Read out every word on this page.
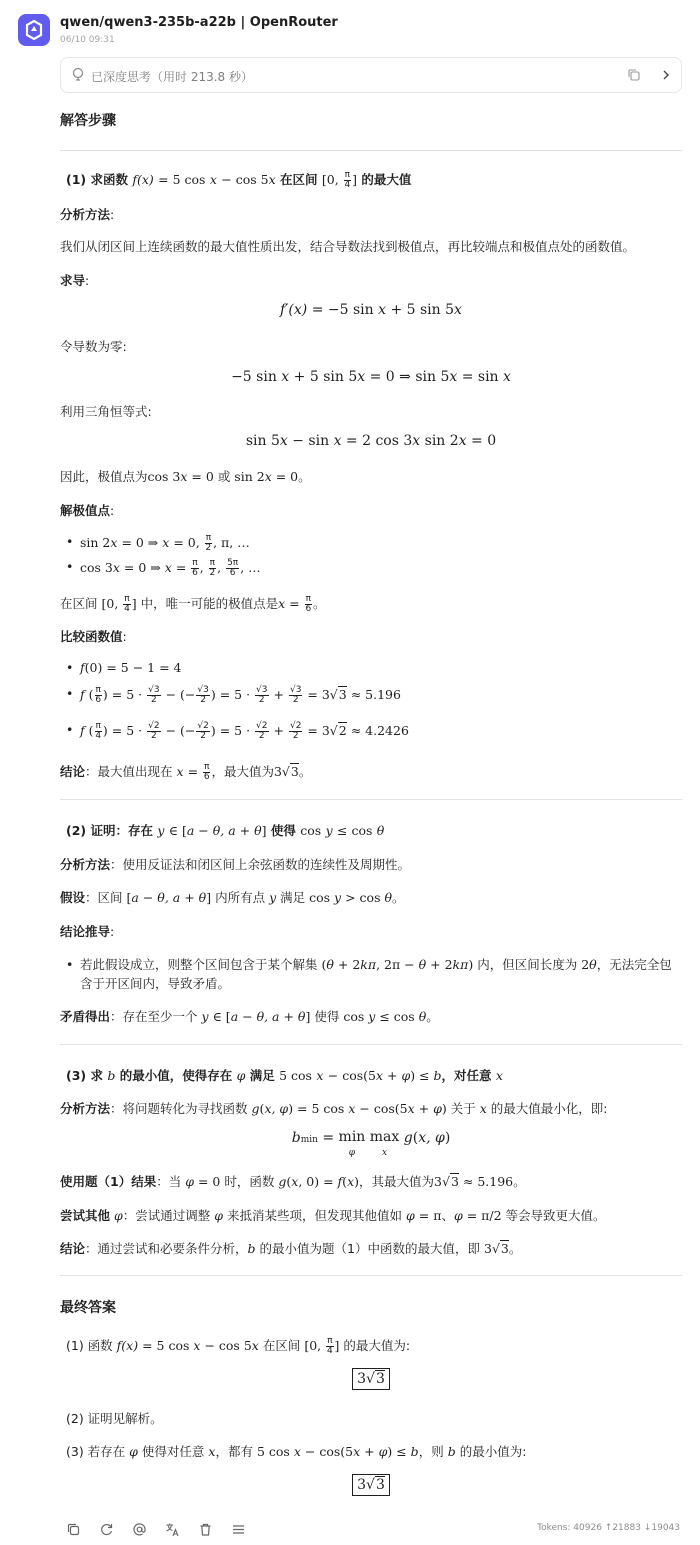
qwen/qwen3-235b-a22b | OpenRouter
06/10 09:31
已深度思考（用时 213.8 秒）
解答步骤
(1) 求函数 f(x) = 5 cos x − cos 5x 在区间 [0, $\frac{\pi}{4}$ ] 的最大值
分析方法:
我们从闭区间上连续函数的最大值性质出发，结合导数法找到极值点，再比较端点和极值点处的函数值。
求导:
f′(x) = −5 sin x + 5 sin 5x
令导数为零:
−5 sin x + 5 sin 5x = 0 ⇒ sin 5x = sin x
利用三角恒等式:
sin 5x − sin x = 2 cos 3x sin 2x = 0
因此，极值点为cos 3x = 0 或 sin 2x = 0。
解极值点:
• sin 2x = 0 ⇒ x = 0, $\frac{\pi}{2}$ , π, …
• cos 3x = 0 ⇒ $x = \frac{\pi}{6}$ , $\frac{\pi}{2}$ , $\frac{5\pi}{6}$ , …
在区间 [0, $\frac{\pi}{4}$ ] 中，唯一可能的极值点是$x = \frac{\pi}{6}$ 。
比较函数值:
• f(0) = 5 − 1 = 4
• f ( $\frac{\pi}{6}$ ) = $5 \cdot \frac{√3}{2}$ − (− $\frac{√3}{2}$ ) = $5 \cdot \frac{√3}{2} + \frac{√3}{2} = 3√3 \approx 5.196$
• f ( $\frac{\pi}{4}$ ) = $5 \cdot \frac{√2}{2}$ − (− $\frac{√2}{2}$ ) = $5 \cdot \frac{√2}{2} + \frac{√2}{2} = 3√2 \approx 4.2426$
结论：最大值出现在 $x = \frac{\pi}{6}$ ，最大值为3√3。
(2) 证明：存在 y ∈ [a − θ, a + θ] 使得 cos y ≤ cos θ
分析方法：使用反证法和闭区间上余弦函数的连续性及周期性。
假设：区间 [a − θ, a + θ] 内所有点 y 满足 cos y > cos θ。
结论推导:
• 若此假设成立，则整个区间包含于某个解集 (θ + 2kπ, 2π − θ + 2kπ) 内，但区间长度为 2θ，无法完全包
含于开区间内，导致矛盾。
矛盾得出：存在至少一个 y ∈ [a − θ, a + θ] 使得 cos y ≤ cos θ。
(3) 求 b 的最小值，使得存在 φ 满足 5 cos x − cos(5x + φ) ≤ b，对任意 x
分析方法：将问题转化为寻找函数 g(x, φ) = 5 cos x − cos(5x + φ) 关于 x 的最大值最小化，即:
bmin = min
φ max
x g(x, φ)
使用题（1）结果：当 φ = 0 时，函数 g(x, 0) = f(x)，其最大值为3√3 ≈ 5.196。
尝试其他 φ：尝试通过调整 φ 来抵消某些项，但发现其他值如 φ = π、φ = π/2 等会导致更大值。
结论：通过尝试和必要条件分析，b 的最小值为题（1）中函数的最大值，即 3√3。
最终答案
(1) 函数 f(x) = 5 cos x − cos 5x 在区间 [0, $\frac{\pi}{4}$ ] 的最大值为:
3√3
(2) 证明见解析。
(3) 若存在 φ 使得对任意 x，都有 5 cos x − cos(5x + φ) ≤ b，则 b 的最小值为:
3√3
Tokens: 40926 ↑21883 ↓19043
